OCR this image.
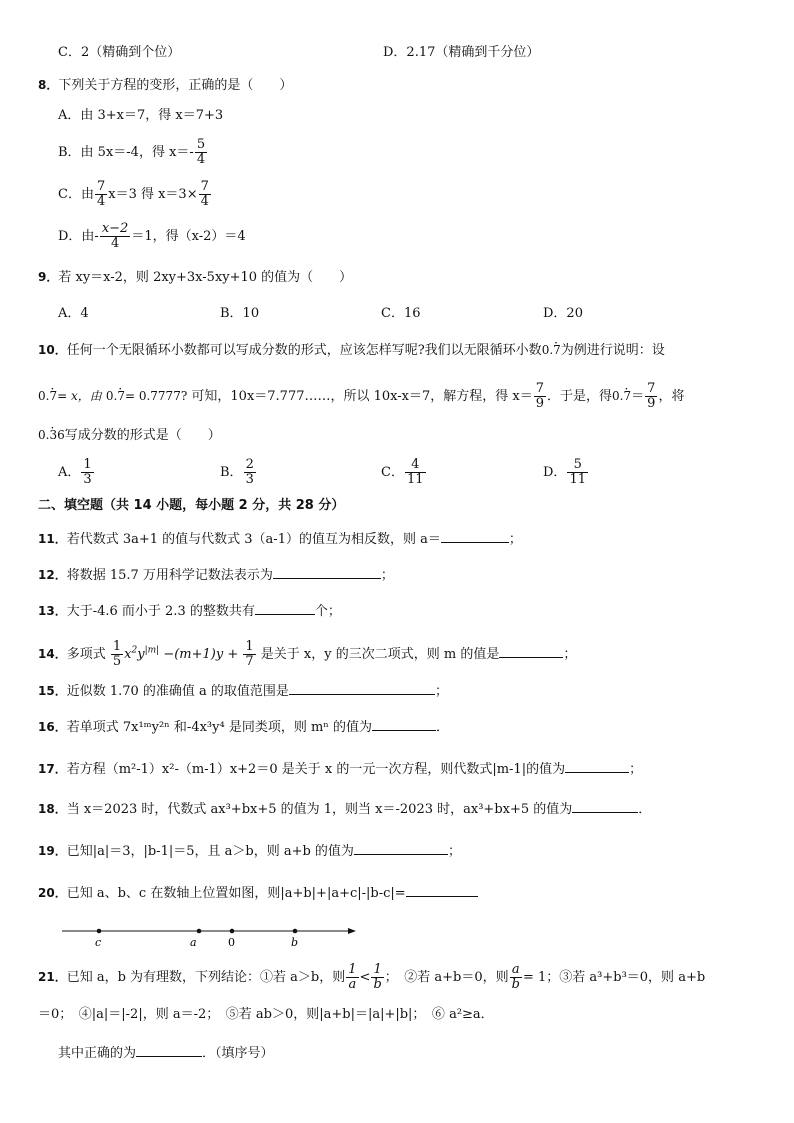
C．2（精确到个位）	D．2.17（精确到千分位）
8．下列关于方程的变形，正确的是（　　）
A．由 3+x＝7，得 x＝7+3
B．由 5x＝-4，得 $x=- \frac{5}{4}$
C．由 $\frac{7}{4} x=3$ 得 $x=3\times \frac{7}{4}$
D．由- $\frac{x-2}{4} =1$，得（x-2）＝4
9．若 xy＝x-2，则 2xy+3x-5xy+10 的值为（　　）
A．4	B．10	C．16	D．20
10．任何一个无限循环小数都可以写成分数的形式，应该怎样写呢?我们以无限循环小数0.· 7为例进行说明：设
0.· 7= x，由 0.· 7= 0.7777? 可知，10x＝7.777……，所以 10x-x＝7，解方程，得 $x= \frac{7}{9}$ ．于是，得$0.\cdot 7= \frac{7}{9}$ ，将
0.· 36写成分数的形式是（　　）
A． $\frac{1}{3}$	B． $\frac{2}{3}$	C． $\frac{4}{11}$	D． $\frac{5}{11}$
二、填空题（共 14 小题，每小题 2 分，共 28 分）
11．若代数式 3a+1 的值与代数式 3（a-1）的值互为相反数，则 a＝	；
12．将数据 15.7 万用科学记数法表示为	；
13．大于-4.6 而小于 2.3 的整数共有	个；
14．多项式 $\frac{1}{5} x^2y^{|m|} -(m+1)y + \frac{1}{7}$ 是关于 x，y 的三次二项式，则 m 的值是	；
15．近似数 1.70 的准确值 a 的取值范围是	；
16．若单项式 7x¹ᵐy²ⁿ 和-4x³y⁴ 是同类项，则 mⁿ 的值为	．
17．若方程（m²-1）x²-（m-1）x+2＝0 是关于 x 的一元一次方程，则代数式|m-1|的值为	；
18．当 x＝2023 时，代数式 ax³+bx+5 的值为 1，则当 x＝-2023 时，ax³+bx+5 的值为	．
19．已知|a|＝3，|b-1|＝5，且 a＞b，则 a+b 的值为	；
20．已知 a、b、c 在数轴上位置如图，则|a+b|+|a+c|-|b-c|=
c	a	0	b
21．已知 a，b 为有理数，下列结论：①若 a＞b，则 $\frac{1}{a} < \frac{1}{b}$ ；　②若 a+b＝0，则 $\frac{a}{b} = 1$；③若 a³+b³＝0，则 a+b
＝0；　④|a|＝|-2|，则 a＝-2；　⑤若 ab＞0，则|a+b|＝|a|+|b|；　⑥ a²≥a．
其中正确的为	．（填序号）
